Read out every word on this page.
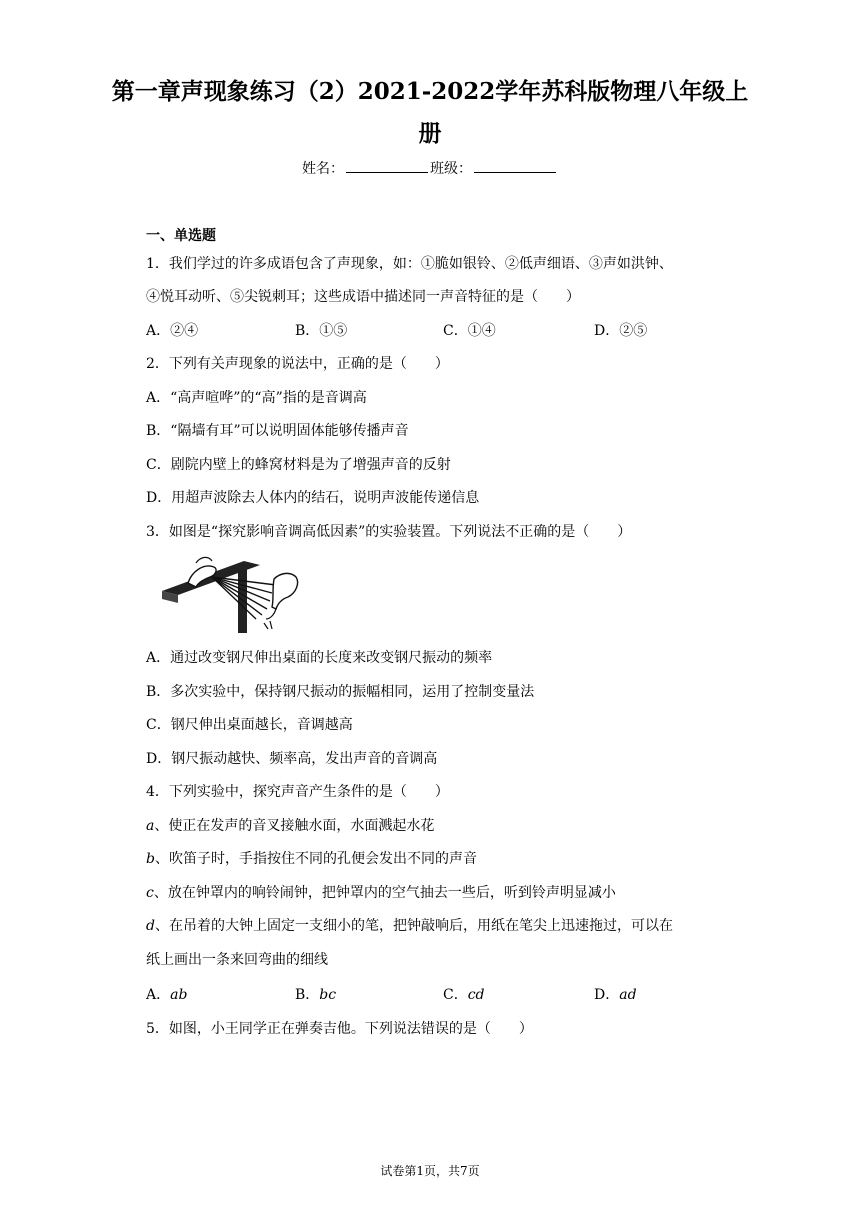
第一章声现象练习（2）2021-2022学年苏科版物理八年级上
册
姓名：	班级：
一、单选题
1．我们学过的许多成语包含了声现象，如：①脆如银铃、②低声细语、③声如洪钟、
④悦耳动听、⑤尖锐刺耳；这些成语中描述同一声音特征的是（　　）
A．②④	B．①⑤	C．①④	D．②⑤
2．下列有关声现象的说法中，正确的是（　　）
A．“高声喧哗”的“高”指的是音调高
B．“隔墙有耳”可以说明固体能够传播声音
C．剧院内壁上的蜂窝材料是为了增强声音的反射
D．用超声波除去人体内的结石，说明声波能传递信息
3．如图是“探究影响音调高低因素”的实验装置。下列说法不正确的是（　　）
A．通过改变钢尺伸出桌面的长度来改变钢尺振动的频率
B．多次实验中，保持钢尺振动的振幅相同，运用了控制变量法
C．钢尺伸出桌面越长，音调越高
D．钢尺振动越快、频率高，发出声音的音调高
4．下列实验中，探究声音产生条件的是（　　）
a、使正在发声的音叉接触水面，水面溅起水花
b、吹笛子时，手指按住不同的孔便会发出不同的声音
c、放在钟罩内的响铃闹钟，把钟罩内的空气抽去一些后，听到铃声明显减小
d、在吊着的大钟上固定一支细小的笔，把钟敲响后，用纸在笔尖上迅速拖过，可以在
纸上画出一条来回弯曲的细线
A．ab	B．bc	C．cd	D．ad
5．如图，小王同学正在弹奏吉他。下列说法错误的是（　　）
试卷第1页，共7页
